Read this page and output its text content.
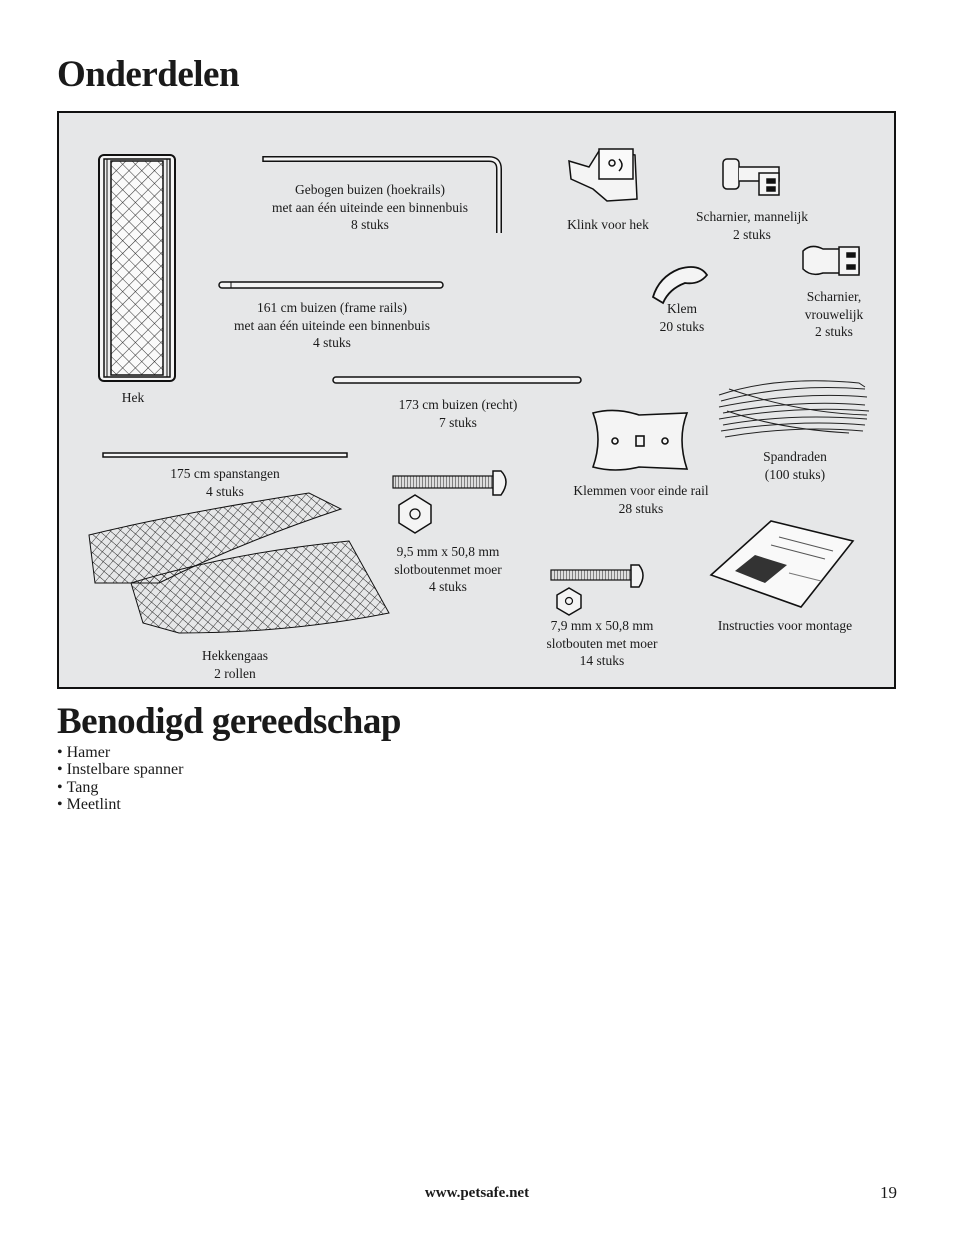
Onderdelen
Hek
Gebogen buizen (hoekrails)
met aan één uiteinde een binnenbuis
8 stuks	Klink voor hek
Scharnier, mannelijk
2 stuks
161 cm buizen (frame rails)
met aan één uiteinde een binnenbuis
4 stuks
Klem
20 stuks
Scharnier,
vrouwelijk
2 stuks
173 cm buizen (recht)
7 stuks
175 cm spanstangen
4 stuks
Spandraden
(100 stuks)
Klemmen voor einde rail
28 stuks
9,5 mm x 50,8 mm
slotboutenmet moer
4 stuks
7,9 mm x 50,8 mm
slotbouten met moer
14 stuks
Instructies voor montage
Hekkengaas
2 rollen
Benodigd gereedschap
• Hamer
• Instelbare spanner
• Tang
• Meetlint
www.petsafe.net	19
